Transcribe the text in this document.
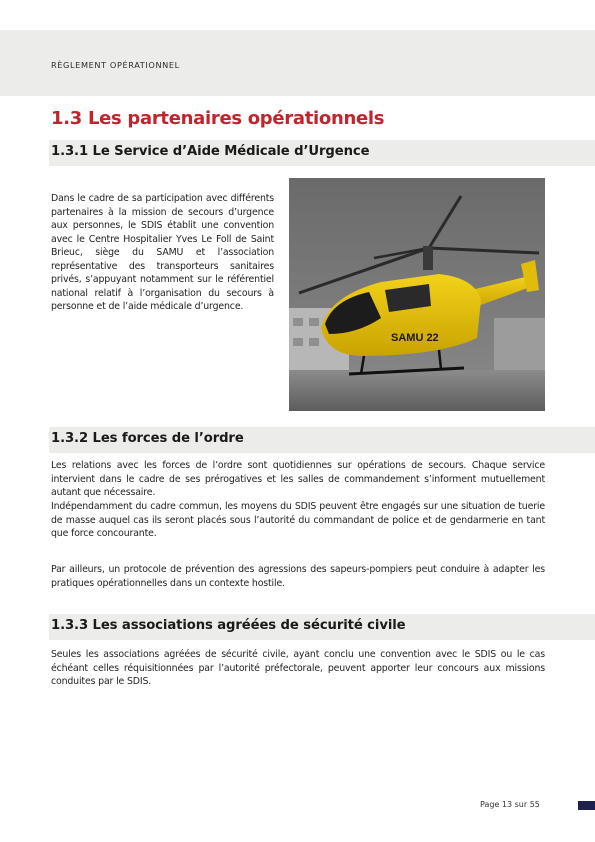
RÈGLEMENT OPÉRATIONNEL
1.3 Les partenaires opérationnels
1.3.1 Le Service d’Aide Médicale d’Urgence
Dans le cadre de sa participation avec différents partenaires à la mission de secours d’urgence aux personnes, le SDIS établit une convention avec le Centre Hospitalier Yves Le Foll de Saint Brieuc, siège du SAMU et l’association représentative des transporteurs sanitaires privés, s’appuyant notamment sur le référentiel national relatif à l’organisation du secours à personne et de l’aide médicale d’urgence.
SAMU 22
1.3.2 Les forces de l’ordre
Les relations avec les forces de l’ordre sont quotidiennes sur opérations de secours. Chaque service intervient dans le cadre de ses prérogatives et les salles de commandement s’informent mutuellement autant que nécessaire.
Indépendamment du cadre commun, les moyens du SDIS peuvent être engagés sur une situation de tuerie de masse auquel cas ils seront placés sous l’autorité du commandant de police et de gendarmerie en tant que force concourante.
Par ailleurs, un protocole de prévention des agressions des sapeurs-pompiers peut conduire à adapter les pratiques opérationnelles dans un contexte hostile.
1.3.3 Les associations agréées de sécurité civile
Seules les associations agréées de sécurité civile, ayant conclu une convention avec le SDIS ou le cas échéant celles réquisitionnées par l’autorité préfectorale, peuvent apporter leur concours aux missions conduites par le SDIS.
Page 13 sur 55
